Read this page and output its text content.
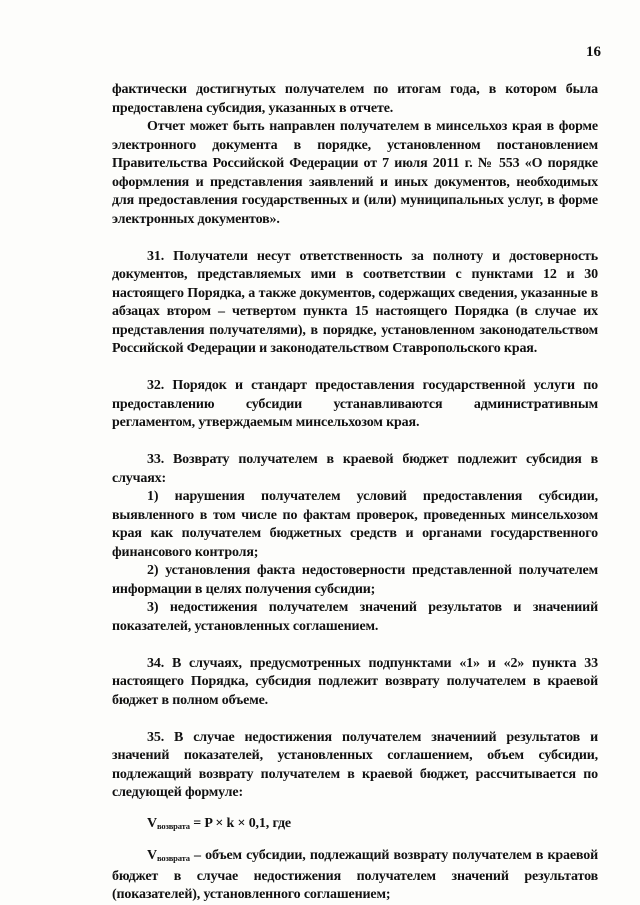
16

фактически достигнутых получателем по итогам года, в котором была предоставлена субсидия, указанных в отчете.

Отчет может быть направлен получателем в минсельхоз края в форме электронного документа в порядке, установленном постановлением Правительства Российской Федерации от 7 июля 2011 г. № 553 «О порядке оформления и представления заявлений и иных документов, необходимых для предоставления государственных и (или) муниципальных услуг, в форме электронных документов».

31. Получатели несут ответственность за полноту и достоверность документов, представляемых ими в соответствии с пунктами 12 и 30 настоящего Порядка, а также документов, содержащих сведения, указанные в абзацах втором – четвертом пункта 15 настоящего Порядка (в случае их представления получателями), в порядке, установленном законодательством Российской Федерации и законодательством Ставропольского края.

32. Порядок и стандарт предоставления государственной услуги по предоставлению субсидии устанавливаются административным регламентом, утверждаемым минсельхозом края.

33. Возврату получателем в краевой бюджет подлежит субсидия в случаях:

1) нарушения получателем условий предоставления субсидии, выявленного в том числе по фактам проверок, проведенных минсельхозом края как получателем бюджетных средств и органами государственного финансового контроля;

2) установления факта недостоверности представленной получателем информации в целях получения субсидии;

3) недостижения получателем значений результатов и значениий показателей, установленных соглашением.

34. В случаях, предусмотренных подпунктами «1» и «2» пункта 33 настоящего Порядка, субсидия подлежит возврату получателем в краевой бюджет в полном объеме.

35. В случае недостижения получателем значениий результатов и значений показателей, установленных соглашением, объем субсидии, подлежащий возврату получателем в краевой бюджет, рассчитывается по следующей формуле:

$V_{возврата} = P \times k \times 0,1$, где

$V_{возврата}$ – объем субсидии, подлежащий возврату получателем в краевой бюджет в случае недостижения получателем значений результатов (показателей), установленного соглашением;
